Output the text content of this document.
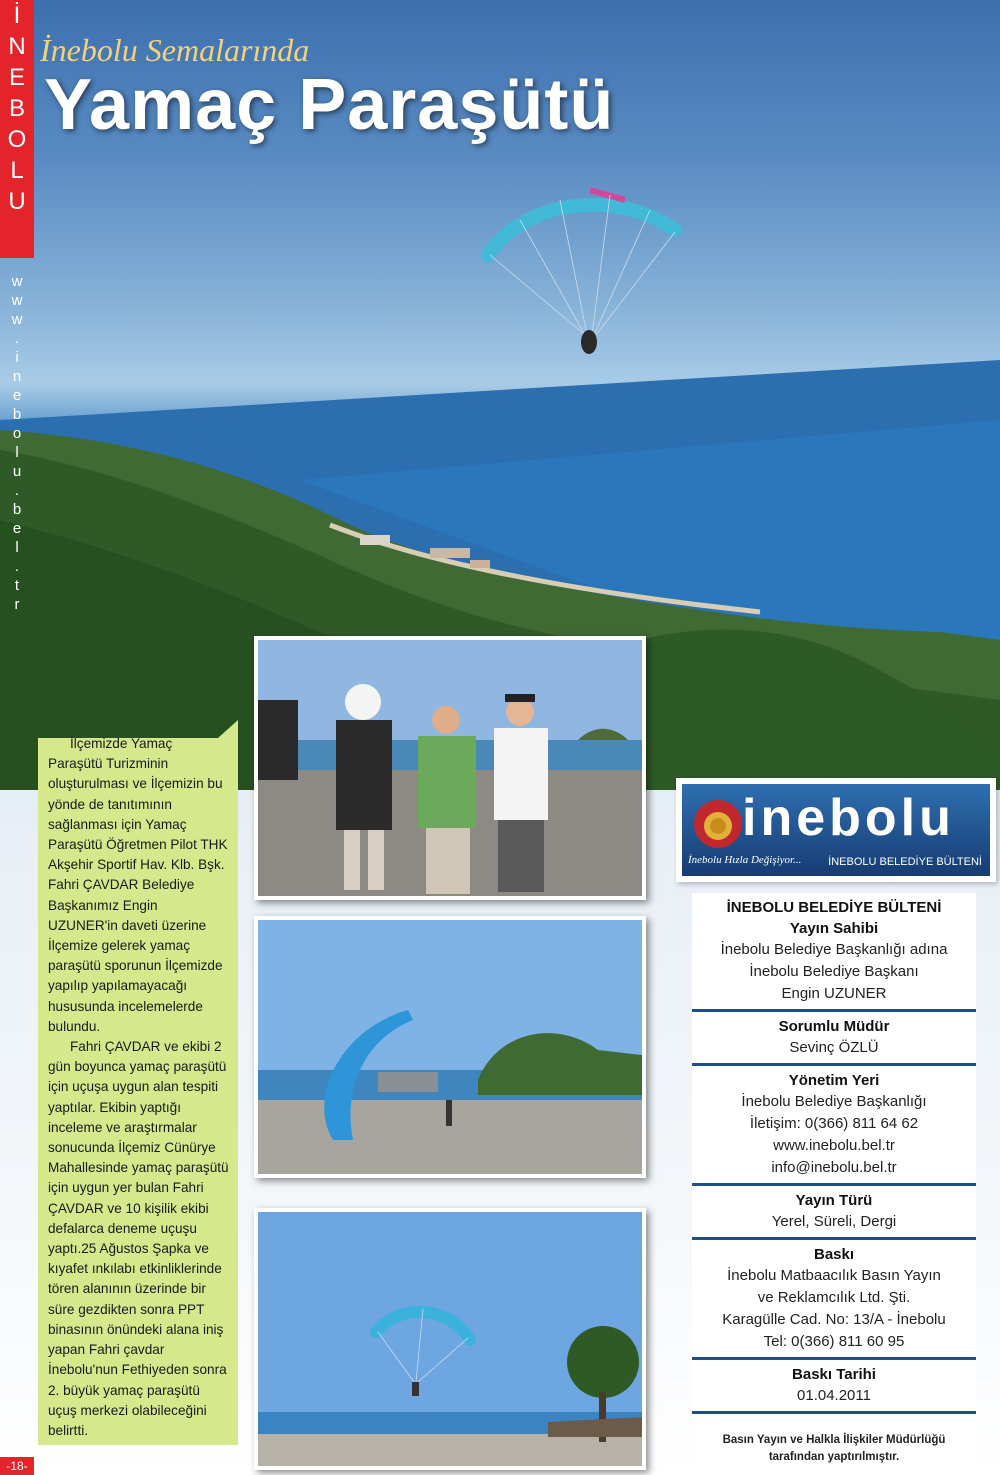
İ
N
E
B
O
L
U
w
w
w
.
i
n
e
b
o
l
u
.
b
e
l
.
t
r
İnebolu Semalarında
Yamaç Paraşütü

İlçemizde Yamaç Paraşütü Turizminin oluşturulması ve İlçemizin bu yönde de tanıtımının sağlanması için Yamaç Paraşütü Öğretmen Pilot THK Akşehir Sportif Hav. Klb. Bşk. Fahri ÇAVDAR Belediye Başkanımız Engin UZUNER'in daveti üzerine İlçemize gelerek yamaç paraşütü sporunun İlçemizde yapılıp yapılamayacağı hususunda incelemelerde bulundu.

Fahri ÇAVDAR ve ekibi 2 gün boyunca yamaç paraşütü için uçuşa uygun alan tespiti yaptılar. Ekibin yaptığı inceleme ve araştırmalar sonucunda İlçemiz Cünürye Mahallesinde yamaç paraşütü için uygun yer bulan Fahri ÇAVDAR ve 10 kişilik ekibi defalarca deneme uçuşu yaptı.25 Ağustos Şapka ve kıyafet ınkılabı etkinliklerinde tören alanının üzerinde bir süre gezdikten sonra PPT binasının önündeki alana iniş yapan Fahri çavdar İnebolu'nun Fethiyeden sonra 2. büyük yamaç paraşütü uçuş merkezi olabileceğini belirtti.

inebolu
İnebolu Hızla Değişiyor... İNEBOLU BELEDİYE BÜLTENİ
İNEBOLU BELEDİYE BÜLTENİ
Yayın Sahibi
İnebolu Belediye Başkanlığı adına
İnebolu Belediye Başkanı
Engin UZUNER
Sorumlu Müdür
Sevinç ÖZLÜ
Yönetim Yeri
İnebolu Belediye Başkanlığı
İletişim: 0(366) 811 64 62
www.inebolu.bel.tr
info@inebolu.bel.tr
Yayın Türü
Yerel, Süreli, Dergi
Baskı
İnebolu Matbaacılık Basın Yayın
ve Reklamcılık Ltd. Şti.
Karagülle Cad. No: 13/A - İnebolu
Tel: 0(366) 811 60 95
Baskı Tarihi
01.04.2011
Basın Yayın ve Halkla İlişkiler Müdürlüğü
tarafından yaptırılmıştır.
-18-
